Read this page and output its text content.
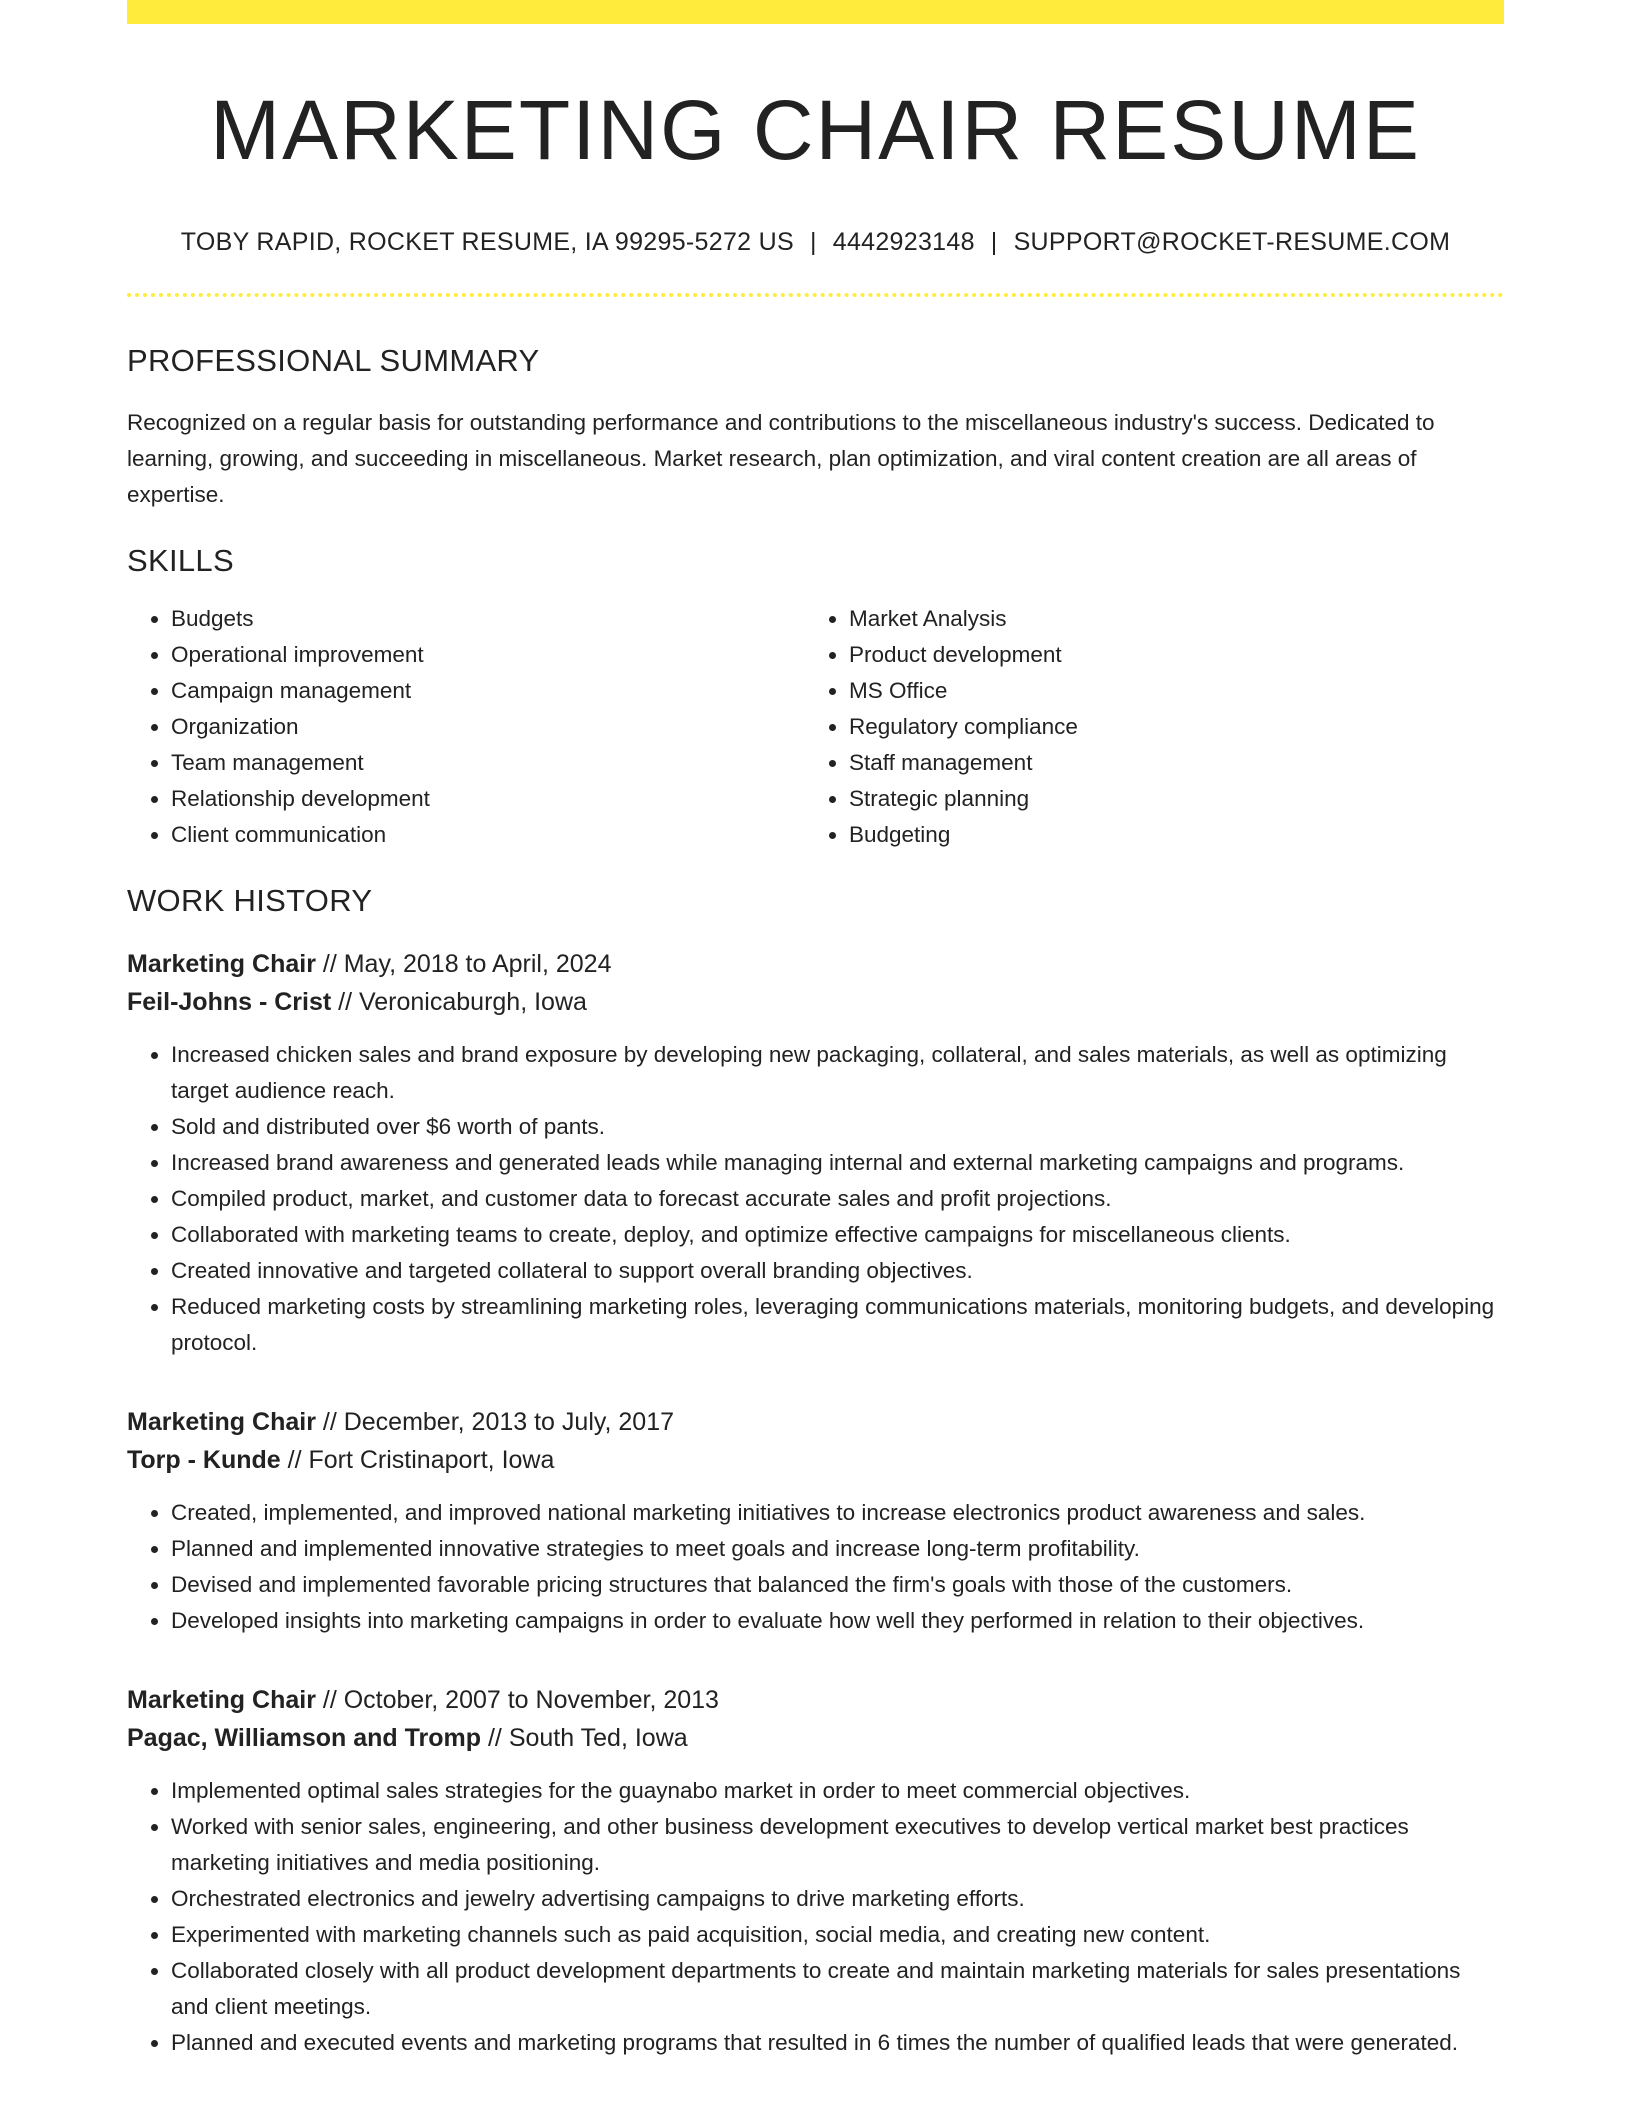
MARKETING CHAIR RESUME
TOBY RAPID, ROCKET RESUME, IA 99295-5272 US | 4442923148 | SUPPORT@ROCKET-RESUME.COM
PROFESSIONAL SUMMARY

Recognized on a regular basis for outstanding performance and contributions to the miscellaneous industry's success. Dedicated to learning, growing, and succeeding in miscellaneous. Market research, plan optimization, and viral content creation are all areas of expertise.

SKILLS
• Budgets
• Operational improvement
• Campaign management
• Organization
• Team management
• Relationship development
• Client communication
• Market Analysis
• Product development
• MS Office
• Regulatory compliance
• Staff management
• Strategic planning
• Budgeting
WORK HISTORY
Marketing Chair // May, 2018 to April, 2024
Feil-Johns - Crist // Veronicaburgh, Iowa
• Increased chicken sales and brand exposure by developing new packaging, collateral, and sales materials, as well as optimizing target audience reach.
• Sold and distributed over $6 worth of pants.
• Increased brand awareness and generated leads while managing internal and external marketing campaigns and programs.
• Compiled product, market, and customer data to forecast accurate sales and profit projections.
• Collaborated with marketing teams to create, deploy, and optimize effective campaigns for miscellaneous clients.
• Created innovative and targeted collateral to support overall branding objectives.
• Reduced marketing costs by streamlining marketing roles, leveraging communications materials, monitoring budgets, and developing protocol.
Marketing Chair // December, 2013 to July, 2017
Torp - Kunde // Fort Cristinaport, Iowa
• Created, implemented, and improved national marketing initiatives to increase electronics product awareness and sales.
• Planned and implemented innovative strategies to meet goals and increase long-term profitability.
• Devised and implemented favorable pricing structures that balanced the firm's goals with those of the customers.
• Developed insights into marketing campaigns in order to evaluate how well they performed in relation to their objectives.
Marketing Chair // October, 2007 to November, 2013
Pagac, Williamson and Tromp // South Ted, Iowa
• Implemented optimal sales strategies for the guaynabo market in order to meet commercial objectives.
• Worked with senior sales, engineering, and other business development executives to develop vertical market best practices marketing initiatives and media positioning.
• Orchestrated electronics and jewelry advertising campaigns to drive marketing efforts.
• Experimented with marketing channels such as paid acquisition, social media, and creating new content.
• Collaborated closely with all product development departments to create and maintain marketing materials for sales presentations and client meetings.
• Planned and executed events and marketing programs that resulted in 6 times the number of qualified leads that were generated.
